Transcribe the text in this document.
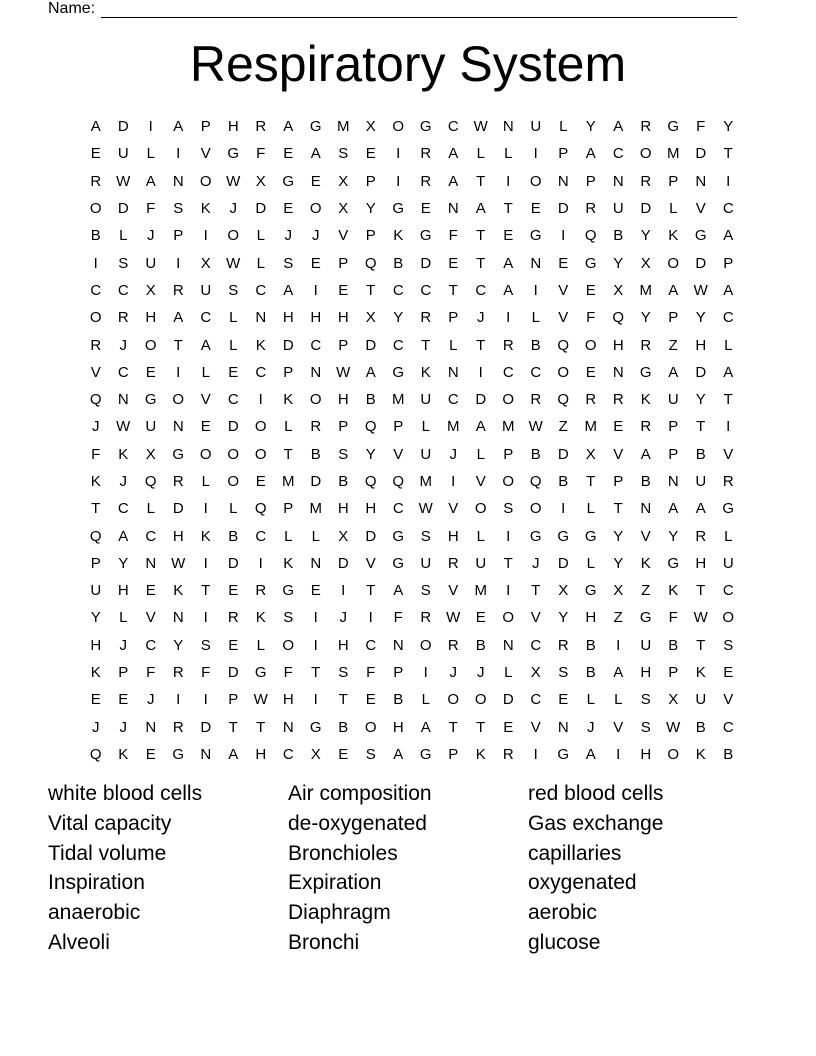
Name:
Respiratory System
A	D	I	A	P	H	R	A	G	M	X	O	G	C W	N	U	L	Y	A	R	G	F	Y
E	U	L	I	V	G	F	E	A	S	E	I	R	A	L	L	I	P	A	C	O	M	D	T
R W	A	N	O W	X	G	E	X	P	I	R	A	T	I	O	N	P	N	R	P	N	I
O	D	F	S	K	J	D	E	O	X	Y	G	E	N	A	T	E	D	R	U	D	L	V	C
B	L	J	P	I	O	L	J	J	V	P	K	G	F	T	E	G	I	Q	B	Y	K	G	A
I	S	U	I	X	W	L	S	E	P	Q	B	D	E	T	A	N	E	G	Y	X	O	D	P
C	C	X	R	U	S	C	A	I	E	T	C	C	T	C	A	I	V	E	X	M	A	W	A
O	R	H	A	C	L	N	H	H	H	X	Y	R	P	J	I	L	V	F	Q	Y	P	Y	C
R	J	O	T	A	L	K	D	C	P	D	C	T	L	T	R	B	Q	O	H	R	Z	H	L
V	C	E	I	L	E	C	P	N W	A	G	K	N	I	C	C	O	E	N	G	A	D	A
Q	N	G	O	V	C	I	K	O	H	B	M	U	C	D	O	R	Q	R	R	K	U	Y	T
J	W	U	N	E	D	O	L	R	P	Q	P	L	M	A	M W	Z	M	E	R	P	T	I
F	K	X	G	O	O	O	T	B	S	Y	V	U	J	L	P	B	D	X	V	A	P	B	V
K	J	Q	R	L	O	E	M	D	B	Q	Q	M	I	V	O	Q	B	T	P	B	N	U	R
T	C	L	D	I	L	Q	P	M	H	H	C W	V	O	S	O	I	L	T	N	A	A	G
Q	A	C	H	K	B	C	L	L	X	D	G	S	H	L	I	G	G	G	Y	V	Y	R	L
P	Y	N W	I	D	I	K	N	D	V	G	U	R	U	T	J	D	L	Y	K	G	H	U
U	H	E	K	T	E	R	G	E	I	T	A	S	V	M	I	T	X	G	X	Z	K	T	C
Y	L	V	N	I	R	K	S	I	J	I	F	R W	E	O	V	Y	H	Z	G	F	W O
H	J	C	Y	S	E	L	O	I	H	C	N	O	R	B	N	C	R	B	I	U	B	T	S
K	P	F	R	F	D	G	F	T	S	F	P	I	J	J	L	X	S	B	A	H	P	K	E
E	E	J	I	I	P	W	H	I	T	E	B	L	O	O	D	C	E	L	L	S	X	U	V
J	J	N	R	D	T	T	N	G	B	O	H	A	T	T	E	V	N	J	V	S	W	B	C
Q	K	E	G	N	A	H	C	X	E	S	A	G	P	K	R	I	G	A	I	H	O	K	B
white blood cells
Vital capacity
Tidal volume
Inspiration
anaerobic
Alveoli
Air composition
de-oxygenated
Bronchioles
Expiration
Diaphragm
Bronchi
red blood cells
Gas exchange
capillaries
oxygenated
aerobic
glucose
